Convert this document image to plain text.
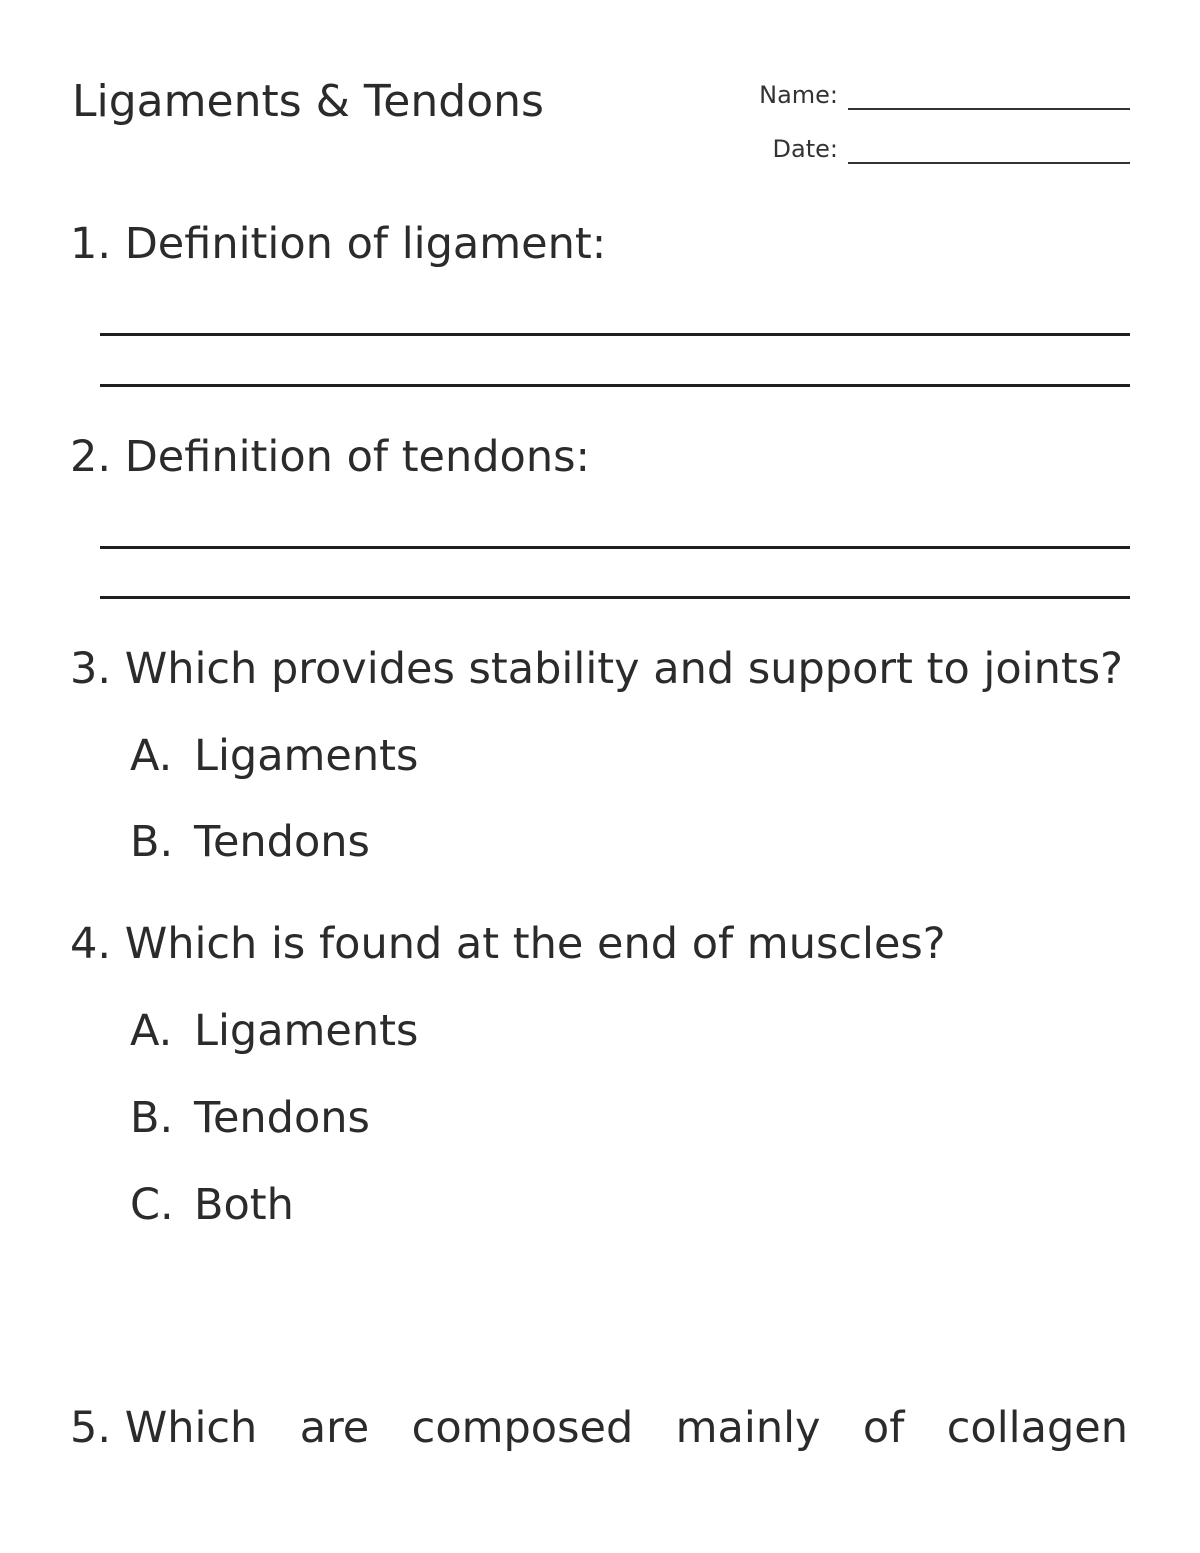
Ligaments & Tendons	Name:
Date:
1. Definition of ligament:
2. Definition of tendons:
3. Which provides stability and support to joints?
A. Ligaments
B. Tendons
4. Which is found at the end of muscles?
A. Ligaments
B. Tendons
C. Both
5. Which are composed mainly of collagen
